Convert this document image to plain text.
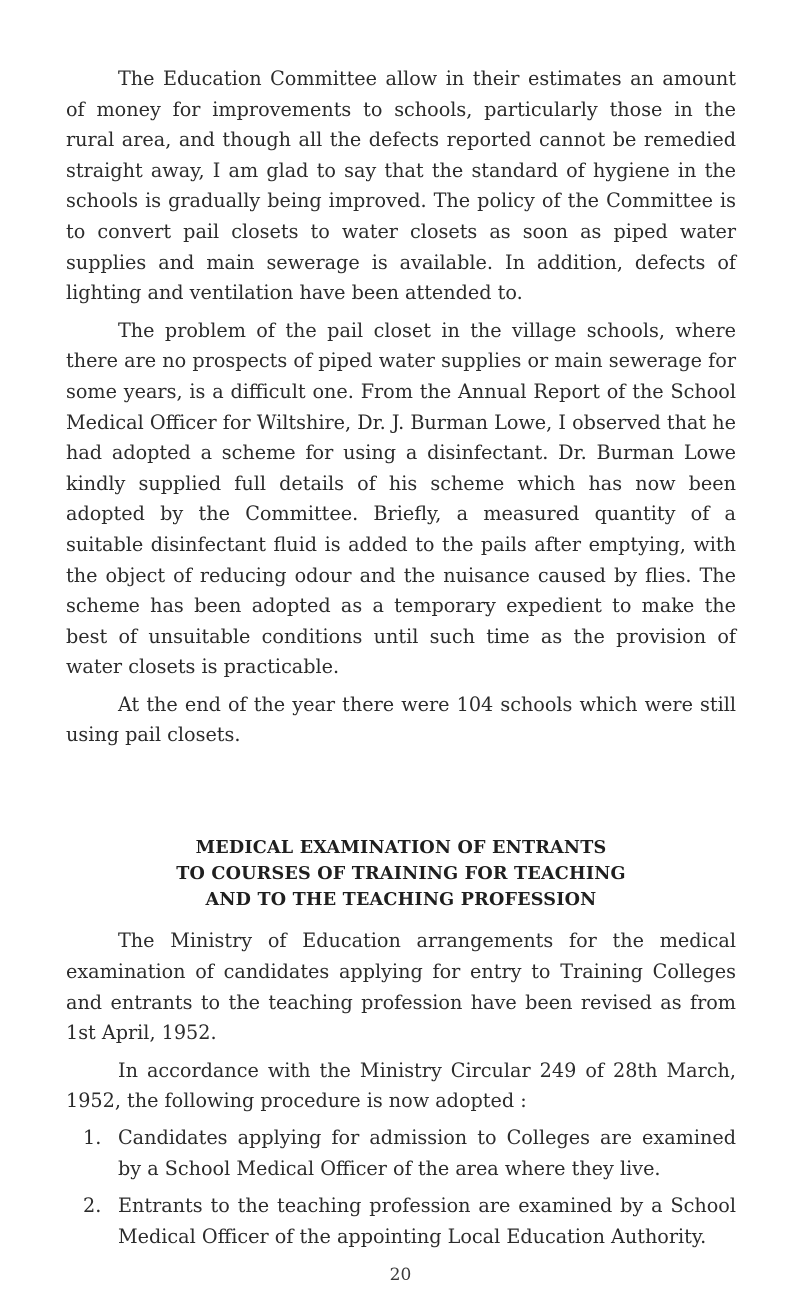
The Education Committee allow in their estimates an amount of money for improvements to schools, particularly those in the rural area, and though all the defects reported cannot be remedied straight away, I am glad to say that the standard of hygiene in the schools is gradually being improved. The policy of the Committee is to convert pail closets to water closets as soon as piped water supplies and main sewerage is available. In addition, defects of lighting and ventilation have been attended to.

The problem of the pail closet in the village schools, where there are no prospects of piped water supplies or main sewerage for some years, is a difficult one. From the Annual Report of the School Medical Officer for Wiltshire, Dr. J. Burman Lowe, I observed that he had adopted a scheme for using a disinfectant. Dr. Burman Lowe kindly supplied full details of his scheme which has now been adopted by the Committee. Briefly, a measured quantity of a suitable disinfectant fluid is added to the pails after emptying, with the object of reducing odour and the nuisance caused by flies. The scheme has been adopted as a temporary expedient to make the best of unsuitable conditions until such time as the provision of water closets is practicable.

At the end of the year there were 104 schools which were still using pail closets.

MEDICAL EXAMINATION OF ENTRANTS
TO COURSES OF TRAINING FOR TEACHING
AND TO THE TEACHING PROFESSION

The Ministry of Education arrangements for the medical examination of candidates applying for entry to Training Colleges and entrants to the teaching profession have been revised as from 1st April, 1952.

In accordance with the Ministry Circular 249 of 28th March, 1952, the following procedure is now adopted :

1. Candidates applying for admission to Colleges are examined by a School Medical Officer of the area where they live.
2. Entrants to the teaching profession are examined by a School Medical Officer of the appointing Local Education Authority.
20
